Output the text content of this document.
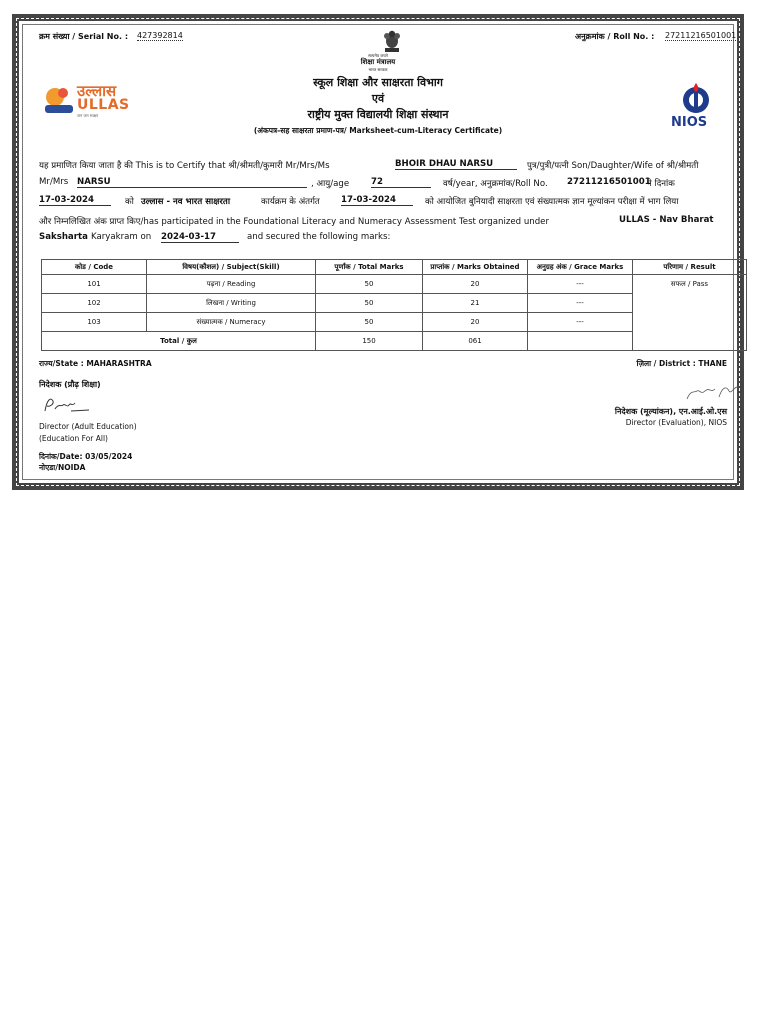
क्रम संख्या / Serial No. : 427392814	अनुक्रमांक / Roll No. : 27211216501001
सत्यमेव जयते
शिक्षा मंत्रालय
भारत सरकार
स्कूल शिक्षा और साक्षरता विभाग
एवं
राष्ट्रीय मुक्त विद्यालयी शिक्षा संस्थान
(अंकपत्र-सह साक्षरता प्रमाण-पत्र/ Marksheet-cum-Literacy Certificate)
उल्लास
ULLAS
जन जन साक्षर	NIOS
यह प्रमाणित किया जाता है की This is to Certify that श्री/श्रीमती/कुमारी Mr/Mrs/Ms	BHOIR DHAU NARSU	पुत्र/पुत्री/पत्नी Son/Daughter/Wife of श्री/श्रीमती
Mr/Mrs NARSU	, आयु/age	72	वर्ष/year, अनुक्रमांक/Roll No. 27211216501001
ने दिनांक
17-03-2024	को उल्लास - नव भारत साक्षरता	कार्यक्रम के अंतर्गत 17-03-2024	को आयोजित बुनियादी साक्षरता एवं संख्यात्मक ज्ञान मूल्यांकन परीक्षा में भाग लिया
और निम्नलिखित अंक प्राप्त किए/has participated in the Foundational Literacy and Numeracy Assessment Test organized under	ULLAS - Nav Bharat
Saksharta Karyakram on 2024-03-17	and secured the following marks:
कोड / Code	विषय(कौशल) / Subject(Skill)	पूर्णांक / Total Marks	प्राप्तांक / Marks Obtained	अनुग्रह अंक / Grace Marks	परिणाम / Result
101	पढ़ना / Reading	50	20	---	सफल / Pass
102	लिखना / Writing	50	21	---	
103	संख्यात्मक / Numeracy	50	20	---	
Total / कुल		150	061		
राज्य/State : MAHARASHTRA	ज़िला / District : THANE
निदेशक (प्रौढ़ शिक्षा)
Director (Adult Education)
(Education For All)
निदेशक (मूल्यांकन), एन.आई.ओ.एस
Director (Evaluation), NIOS
दिनांक/Date: 03/05/2024
नोएडा/NOIDA
